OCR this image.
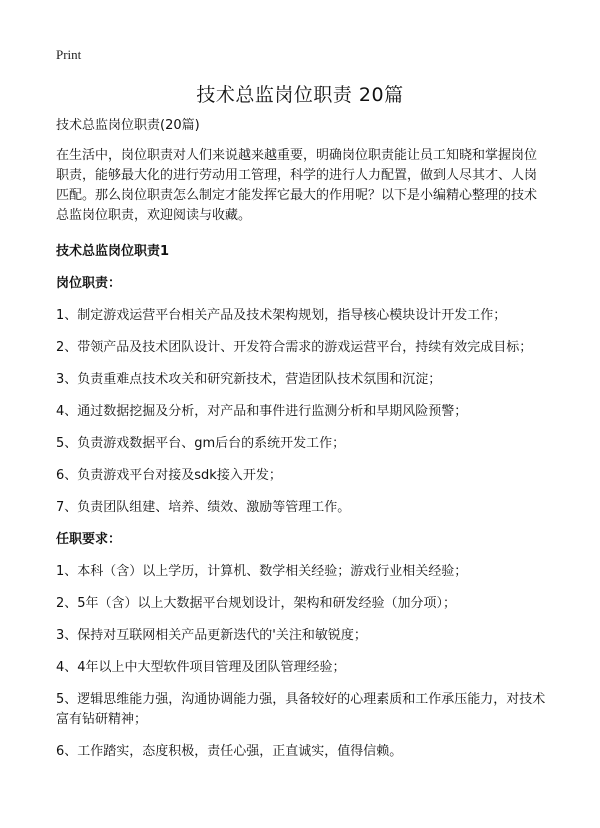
Print
技术总监岗位职责 20篇
技术总监岗位职责(20篇)
在生活中，岗位职责对人们来说越来越重要，明确岗位职责能让员工知晓和掌握岗位职责，能够最大化的进行劳动用工管理，科学的进行人力配置，做到人尽其才、人岗匹配。那么岗位职责怎么制定才能发挥它最大的作用呢？以下是小编精心整理的技术总监岗位职责，欢迎阅读与收藏。
技术总监岗位职责1
岗位职责：
1、制定游戏运营平台相关产品及技术架构规划，指导核心模块设计开发工作；
2、带领产品及技术团队设计、开发符合需求的游戏运营平台，持续有效完成目标；
3、负责重难点技术攻关和研究新技术，营造团队技术氛围和沉淀；
4、通过数据挖掘及分析，对产品和事件进行监测分析和早期风险预警；
5、负责游戏数据平台、gm后台的系统开发工作；
6、负责游戏平台对接及sdk接入开发；
7、负责团队组建、培养、绩效、激励等管理工作。
任职要求：
1、本科（含）以上学历，计算机、数学相关经验；游戏行业相关经验；
2、5年（含）以上大数据平台规划设计，架构和研发经验（加分项）；
3、保持对互联网相关产品更新迭代的'关注和敏锐度；
4、4年以上中大型软件项目管理及团队管理经验；
5、逻辑思维能力强，沟通协调能力强，具备较好的心理素质和工作承压能力，对技术富有钻研精神；
6、工作踏实，态度积极，责任心强，正直诚实，值得信赖。
